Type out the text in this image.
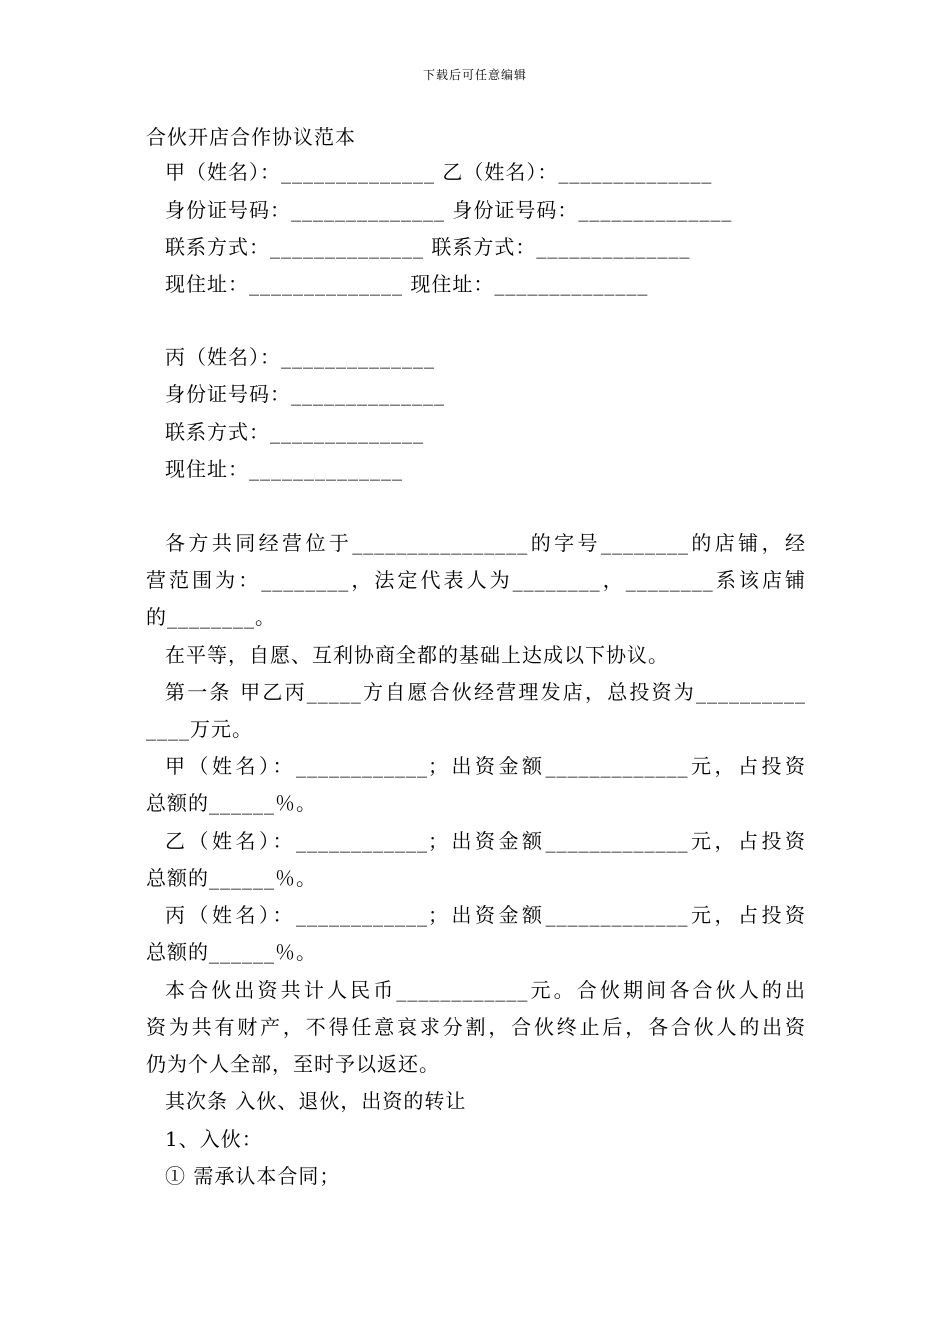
下载后可任意编辑
合伙开店合作协议范本
甲（姓名）：______________ 乙（姓名）：______________
身份证号码：______________ 身份证号码：______________
联系方式：______________ 联系方式：______________
现住址：______________ 现住址：______________
丙（姓名）：______________
身份证号码：______________
联系方式：______________
现住址：______________
各方共同经营位于________________的字号________的店铺，经
营范围为：________，法定代表人为________，________系该店铺
的________。
在平等，自愿、互利协商全都的基础上达成以下协议。
第一条 甲乙丙_____方自愿合伙经营理发店，总投资为__________
____万元。
甲（姓名）：____________；出资金额_____________元，占投资
总额的______％。
乙（姓名）：____________；出资金额_____________元，占投资
总额的______％。
丙（姓名）：____________；出资金额_____________元，占投资
总额的______％。
本合伙出资共计人民币____________元。合伙期间各合伙人的出
资为共有财产，不得任意哀求分割，合伙终止后，各合伙人的出资
仍为个人全部，至时予以返还。
其次条 入伙、退伙，出资的转让
1、入伙：
① 需承认本合同；
